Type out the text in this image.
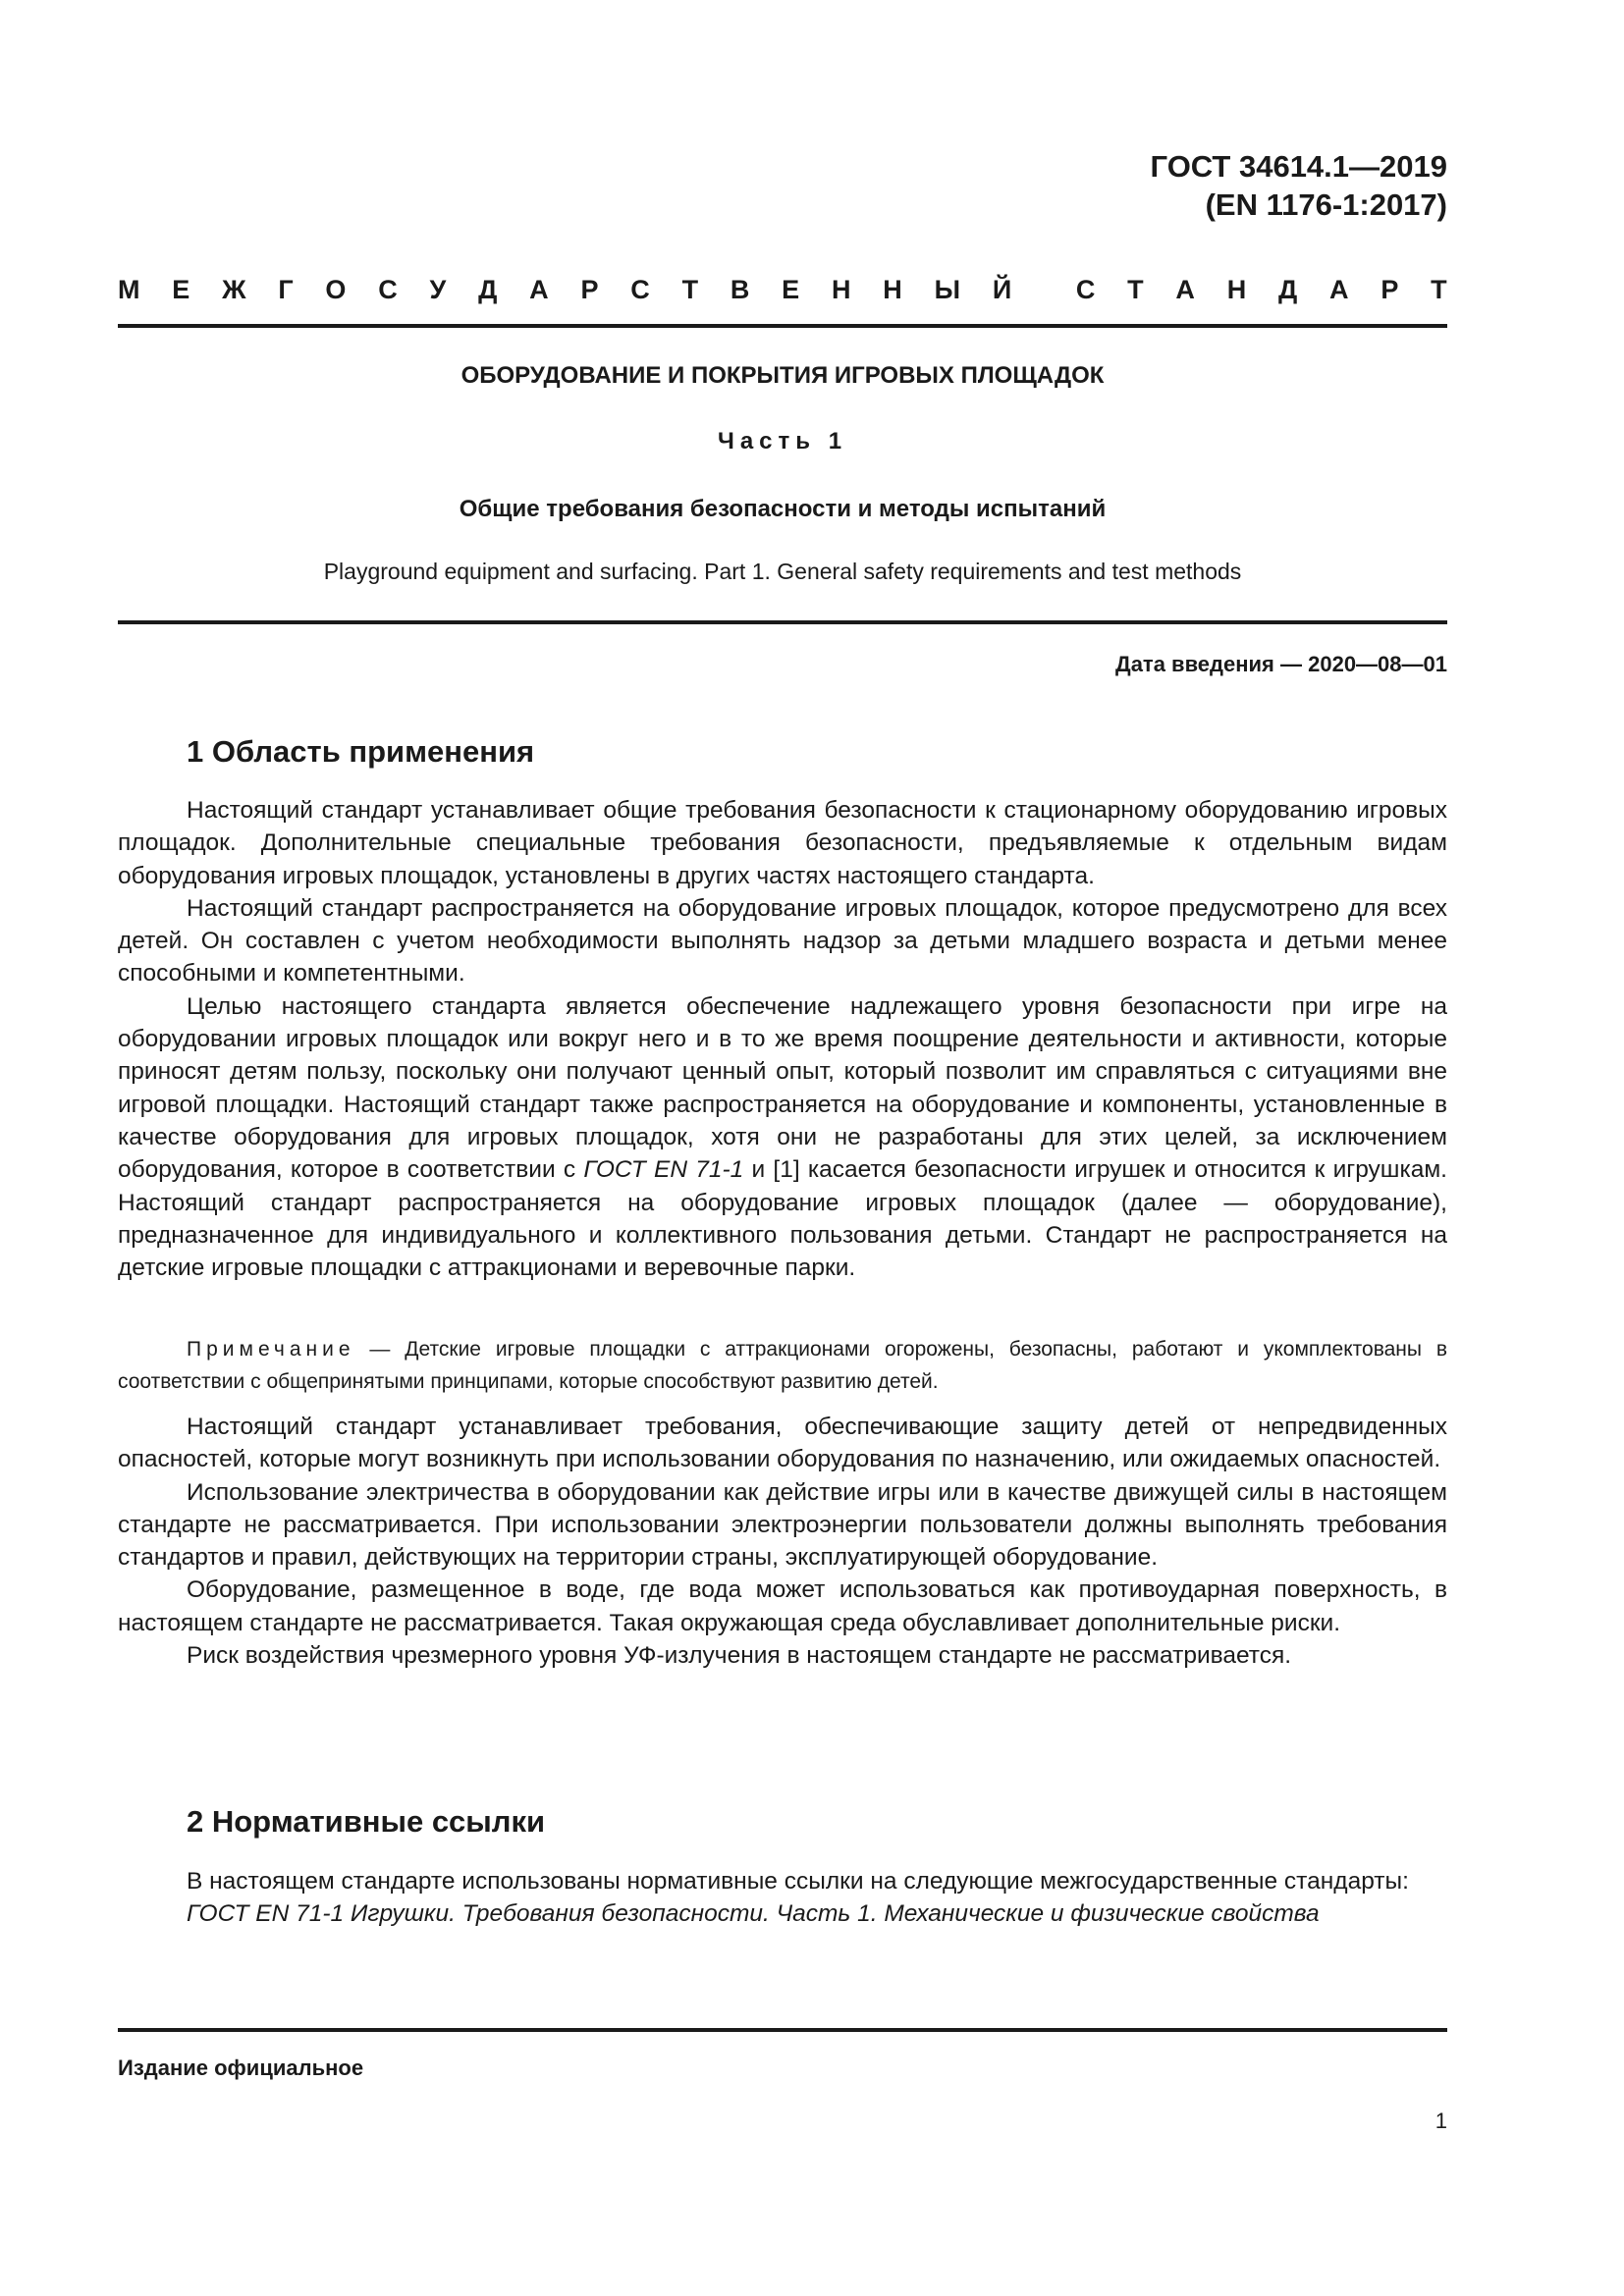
ГОСТ 34614.1—2019
(EN 1176-1:2017)
М Е Ж Г О С У Д А Р С Т В Е Н Н Ы Й С Т А Н Д А Р Т
ОБОРУДОВАНИЕ И ПОКРЫТИЯ ИГРОВЫХ ПЛОЩАДОК
Часть 1
Общие требования безопасности и методы испытаний
Playground equipment and surfacing. Part 1. General safety requirements and test methods
Дата введения — 2020—08—01
1 Область применения

Настоящий стандарт устанавливает общие требования безопасности к стационарному оборудованию игровых площадок. Дополнительные специальные требования безопасности, предъявляемые к отдельным видам оборудования игровых площадок, установлены в других частях настоящего стандарта.

Настоящий стандарт распространяется на оборудование игровых площадок, которое предусмотрено для всех детей. Он составлен с учетом необходимости выполнять надзор за детьми младшего возраста и детьми менее способными и компетентными.

Целью настоящего стандарта является обеспечение надлежащего уровня безопасности при игре на оборудовании игровых площадок или вокруг него и в то же время поощрение деятельности и активности, которые приносят детям пользу, поскольку они получают ценный опыт, который позволит им справляться с ситуациями вне игровой площадки. Настоящий стандарт также распространяется на оборудование и компоненты, установленные в качестве оборудования для игровых площадок, хотя они не разработаны для этих целей, за исключением оборудования, которое в соответствии с ГОСТ EN 71-1 и [1] касается безопасности игрушек и относится к игрушкам. Настоящий стандарт распространяется на оборудование игровых площадок (далее — оборудование), предназначенное для индивидуального и коллективного пользования детьми. Стандарт не распространяется на детские игровые площадки с аттракционами и веревочные парки.

Примечание — Детские игровые площадки с аттракционами огорожены, безопасны, работают и укомплектованы в соответствии с общепринятыми принципами, которые способствуют развитию детей.

Настоящий стандарт устанавливает требования, обеспечивающие защиту детей от непредвиденных опасностей, которые могут возникнуть при использовании оборудования по назначению, или ожидаемых опасностей.

Использование электричества в оборудовании как действие игры или в качестве движущей силы в настоящем стандарте не рассматривается. При использовании электроэнергии пользователи должны выполнять требования стандартов и правил, действующих на территории страны, эксплуатирующей оборудование.

Оборудование, размещенное в воде, где вода может использоваться как противоударная поверхность, в настоящем стандарте не рассматривается. Такая окружающая среда обуславливает дополнительные риски.

Риск воздействия чрезмерного уровня УФ-излучения в настоящем стандарте не рассматривается.

2 Нормативные ссылки

В настоящем стандарте использованы нормативные ссылки на следующие межгосударственные стандарты:

ГОСТ EN 71-1 Игрушки. Требования безопасности. Часть 1. Механические и физические свойства

Издание официальное
1
